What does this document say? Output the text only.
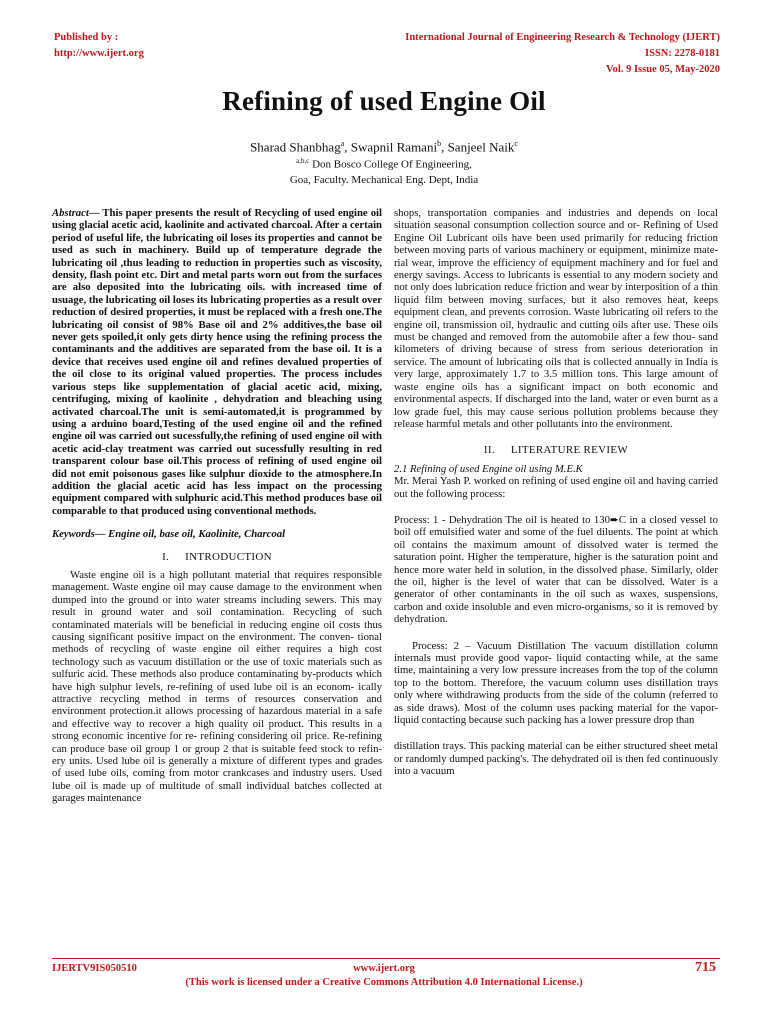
Published by :
http://www.ijert.org
International Journal of Engineering Research & Technology (IJERT)
ISSN: 2278-0181
Vol. 9 Issue 05, May-2020
Refining of used Engine Oil
Sharad Shanbhag$^a$, Swapnil Ramani$^b$, Sanjeel Naik$^c$
$^{a,b,c}$ Don Bosco College Of Engineering,
Goa, Faculty. Mechanical Eng. Dept, India

Abstract— This paper presents the result of Recycling of used engine oil using glacial acetic acid, kaolinite and activated charcoal. After a certain period of useful life, the lubricating oil loses its properties and cannot be used as such in machinery. Build up of temperature degrade the lubricating oil ,thus leading to reduction in properties such as viscosity, density, flash point etc. Dirt and metal parts worn out from the surfaces are also deposited into the lubricating oils. with increased time of usuage, the lubricating oil loses its lubricating properties as a result over reduction of desired properties, it must be replaced with a fresh one.The lubricating oil consist of 98% Base oil and 2% additives,the base oil never gets spoiled,it only gets dirty hence using the refining process the contaminants and the additives are separated from the base oil. It is a device that receives used engine oil and refines devalued properties of the oil close to its original valued properties. The process includes various steps like supplementation of glacial acetic acid, mixing, centrifuging, mixing of kaolinite , dehydration and bleaching using activated charcoal.The unit is semi-automated,it is programmed by using a arduino board,Testing of the used engine oil and the refined engine oil was carried out sucessfully,the refining of used engine oil with acetic acid-clay treatment was carried out sucessfully resulting in red transparent colour base oil.This process of refining of used engine oil did not emit poisonous gases like sulphur dioxide to the atmosphere.In addition the glacial acetic acid has less impact on the processing equipment compared with sulphuric acid.This method produces base oil comparable to that produced using conventional methods.

Keywords— Engine oil, base oil, Kaolinite, Charcoal

I. INTRODUCTION

Waste engine oil is a high pollutant material that requires responsible management. Waste engine oil may cause damage to the environment when dumped into the ground or into water streams including sewers. This may result in ground water and soil contamination. Recycling of such contaminated materials will be beneficial in reducing engine oil costs thus causing significant positive impact on the environment. The conven- tional methods of recycling of waste engine oil either requires a high cost technology such as vacuum distillation or the use of toxic materials such as sulfuric acid. These methods also produce contaminating by-products which have high sulphur levels, re-refining of used lube oil is an econom- ically attractive recycling method in terms of resources conservation and environment protection.it allows processing of hazardous material in a safe and effective way to recover a high quality oil product. This results in a strong economic incentive for re- refining considering oil price. Re-refining can produce base oil group 1 or group 2 that is suitable feed stock to refin- ery units. Used lube oil is generally a mixture of different types and grades of used lube oils, coming from motor crankcases and industry users. Used lube oil is made up of multitude of small individual batches collected at garages maintenance

shops, transportation companies and industries and depends on local situation seasonal consumption collection source and or- Refining of Used Engine Oil Lubricant oils have been used primarily for reducing friction between moving parts of various machinery or equipment, minimize mate- rial wear, improve the efficiency of equipment machinery and for fuel and energy savings. Access to lubricants is essential to any modern society and not only does lubrication reduce friction and wear by interposition of a thin liquid film between moving surfaces, but it also removes heat, keeps equipment clean, and prevents corrosion. Waste lubricating oil refers to the engine oil, transmission oil, hydraulic and cutting oils after use. These oils must be changed and removed from the automobile after a few thou- sand kilometers of driving because of stress from serious deterioration in service. The amount of lubricating oils that is collected annually in India is very large, approximately 1.7 to 3.5 million tons. This large amount of waste engine oils has a significant impact on both economic and environmental aspects. If discharged into the land, water or even burnt as a low grade fuel, this may cause serious pollution problems because they release harmful metals and other pollutants into the environment.

II. LITERATURE REVIEW

2.1 Refining of used Engine oil using M.E.K

Mr. Merai Yash P. worked on refining of used engine oil and having carried out the following process:

Process: 1 - Dehydration The oil is heated to 130➨C in a closed vessel to boil off emulsified water and some of the fuel diluents. The point at which oil contains the maximum amount of dissolved water is termed the saturation point. Higher the temperature, higher is the saturation point and hence more water held in solution, in the dissolved phase. Similarly, older the oil, higher is the level of water that can be dissolved. Water is a generator of other contaminants in the oil such as waxes, suspensions, carbon and oxide insoluble and even micro-organisms, so it is removed by dehydration.

Process: 2 – Vacuum Distillation The vacuum distillation column internals must provide good vapor- liquid contacting while, at the same time, maintaining a very low pressure increases from the top of the column top to the bottom. Therefore, the vacuum column uses distillation trays only where withdrawing products from the side of the column (referred to as side draws). Most of the column uses packing material for the vapor- liquid contacting because such packing has a lower pressure drop than

distillation trays. This packing material can be either structured sheet metal or randomly dumped packing's. The dehydrated oil is then fed continuously into a vacuum

IJERTV9IS050510	www.ijert.org	715
(This work is licensed under a Creative Commons Attribution 4.0 International License.)
